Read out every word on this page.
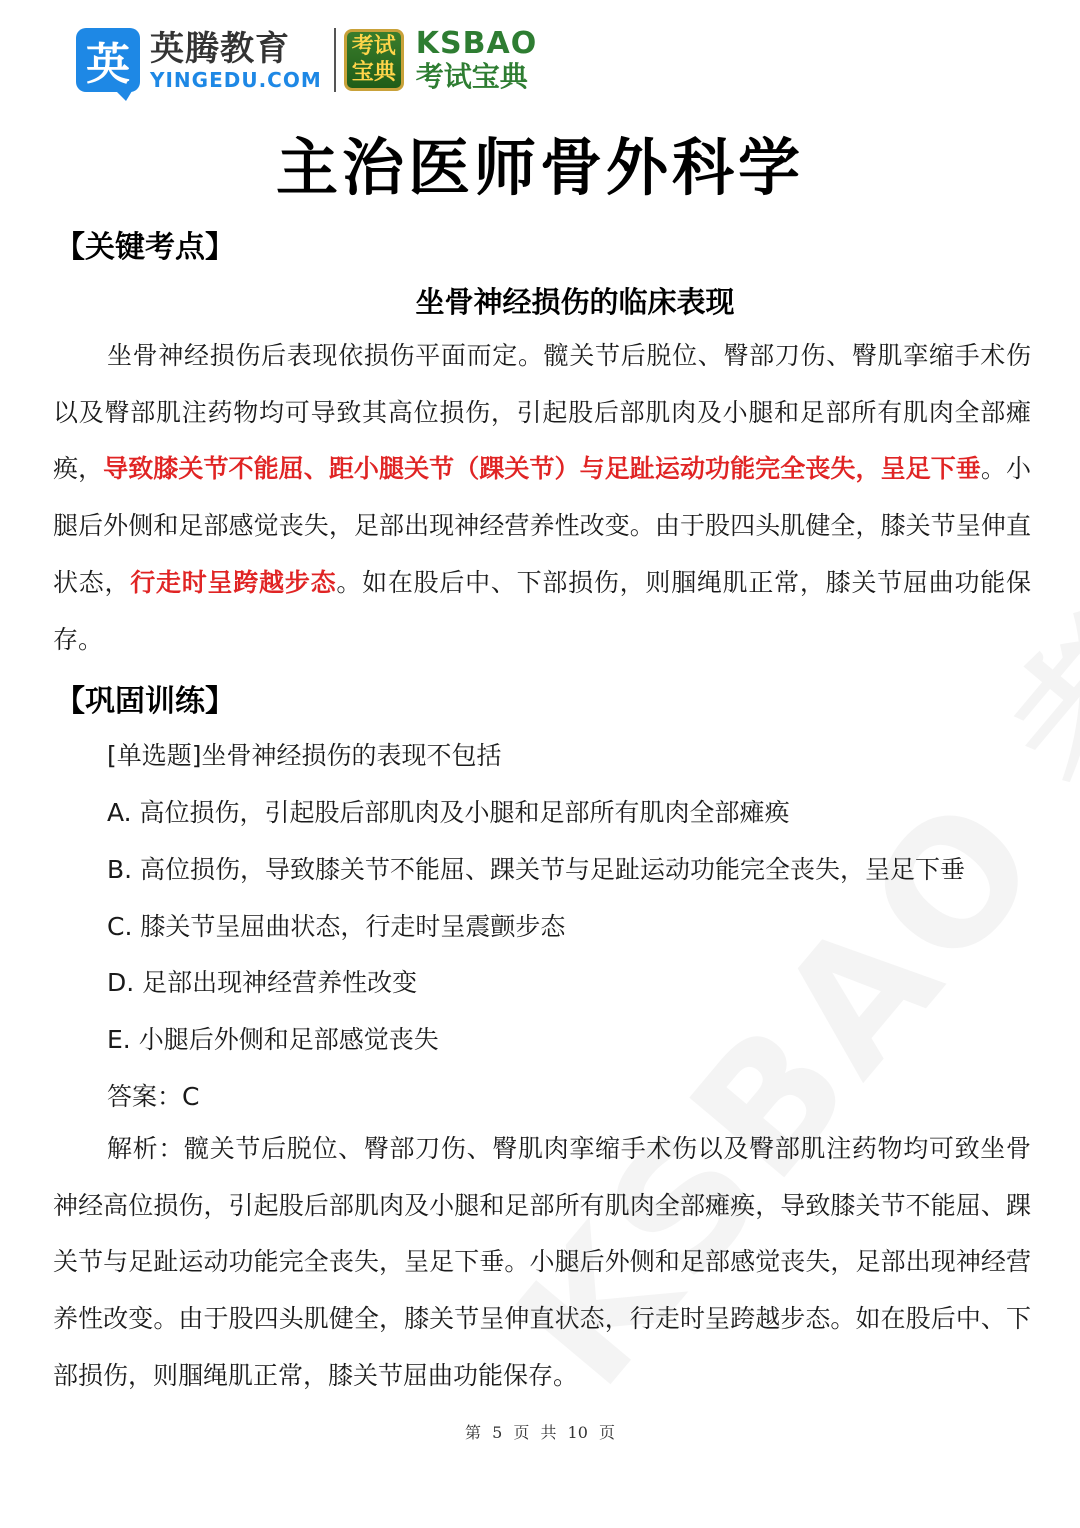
英 英腾教育
YINGEDU.COM
考试宝典
KSBAO
考试宝典
主治医师骨外科学
【关键考点】
坐骨神经损伤的临床表现
坐骨神经损伤后表现依损伤平面而定。髋关节后脱位、臀部刀伤、臀肌挛缩手术伤以及臀部肌注药物均可导致其高位损伤，引起股后部肌肉及小腿和足部所有肌肉全部瘫痪，导致膝关节不能屈、距小腿关节（踝关节）与足趾运动功能完全丧失，呈足下垂。小腿后外侧和足部感觉丧失，足部出现神经营养性改变。由于股四头肌健全，膝关节呈伸直状态，行走时呈跨越步态。如在股后中、下部损伤，则腘绳肌正常，膝关节屈曲功能保存。
【巩固训练】
[单选题]坐骨神经损伤的表现不包括
A. 高位损伤，引起股后部肌肉及小腿和足部所有肌肉全部瘫痪
B. 高位损伤，导致膝关节不能屈、踝关节与足趾运动功能完全丧失，呈足下垂
C. 膝关节呈屈曲状态，行走时呈震颤步态
D. 足部出现神经营养性改变
E. 小腿后外侧和足部感觉丧失
答案：C
解析：髋关节后脱位、臀部刀伤、臀肌肉挛缩手术伤以及臀部肌注药物均可致坐骨神经高位损伤，引起股后部肌肉及小腿和足部所有肌肉全部瘫痪，导致膝关节不能屈、踝关节与足趾运动功能完全丧失，呈足下垂。小腿后外侧和足部感觉丧失，足部出现神经营养性改变。由于股四头肌健全，膝关节呈伸直状态，行走时呈跨越步态。如在股后中、下部损伤，则腘绳肌正常，膝关节屈曲功能保存。
第 5 页 共 10 页
